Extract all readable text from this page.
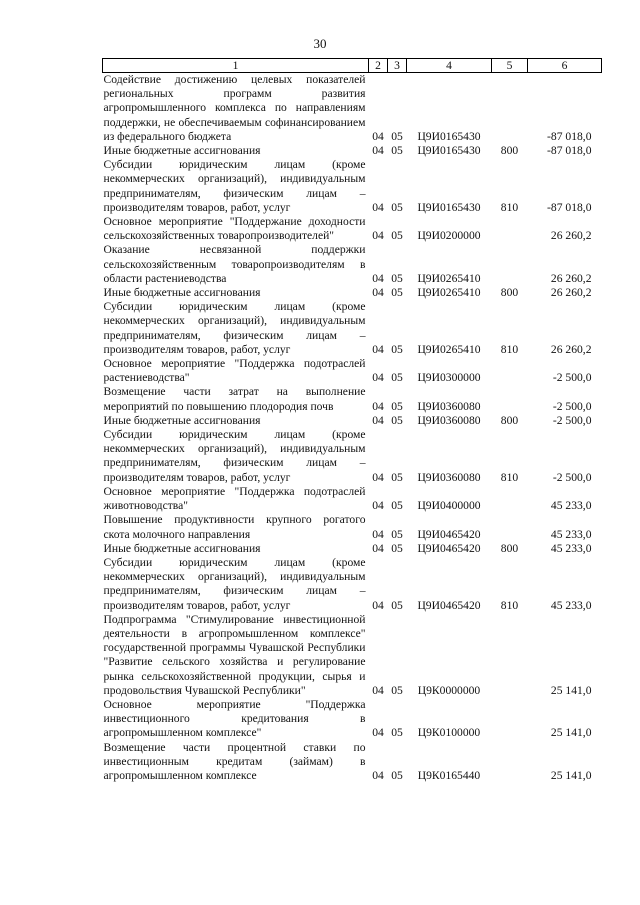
30
1	2	3	4	5	6
Содействие достижению целевых показателей региональных программ развития агропромышленного комплекса по направлениям поддержки, не обеспечиваемым софинансированием из федерального бюджета	04	05	Ц9И0165430		-87 018,0
Иные бюджетные ассигнования	04	05	Ц9И0165430	800	-87 018,0
Субсидии юридическим лицам (кроме некоммерческих организаций), индивидуальным предпринимателям, физическим лицам – производителям товаров, работ, услуг	04	05	Ц9И0165430	810	-87 018,0
Основное мероприятие "Поддержание доходности сельскохозяйственных товаропроизводителей"	04	05	Ц9И0200000		26 260,2
Оказание несвязанной поддержки сельскохозяйственным товаропроизводителям в области растениеводства	04	05	Ц9И0265410		26 260,2
Иные бюджетные ассигнования	04	05	Ц9И0265410	800	26 260,2
Субсидии юридическим лицам (кроме некоммерческих организаций), индивидуальным предпринимателям, физическим лицам – производителям товаров, работ, услуг	04	05	Ц9И0265410	810	26 260,2
Основное мероприятие "Поддержка подотраслей растениеводства"	04	05	Ц9И0300000		-2 500,0
Возмещение части затрат на выполнение мероприятий по повышению плодородия почв	04	05	Ц9И0360080		-2 500,0
Иные бюджетные ассигнования	04	05	Ц9И0360080	800	-2 500,0
Субсидии юридическим лицам (кроме некоммерческих организаций), индивидуальным предпринимателям, физическим лицам – производителям товаров, работ, услуг	04	05	Ц9И0360080	810	-2 500,0
Основное мероприятие "Поддержка подотраслей животноводства"	04	05	Ц9И0400000		45 233,0
Повышение продуктивности крупного рогатого скота молочного направления	04	05	Ц9И0465420		45 233,0
Иные бюджетные ассигнования	04	05	Ц9И0465420	800	45 233,0
Субсидии юридическим лицам (кроме некоммерческих организаций), индивидуальным предпринимателям, физическим лицам – производителям товаров, работ, услуг	04	05	Ц9И0465420	810	45 233,0
Подпрограмма "Стимулирование инвестиционной деятельности в агропромышленном комплексе" государственной программы Чувашской Республики "Развитие сельского хозяйства и регулирование рынка сельскохозяйственной продукции, сырья и продовольствия Чувашской Республики"	04	05	Ц9К0000000		25 141,0
Основное мероприятие "Поддержка инвестиционного кредитования в агропромышленном комплексе"	04	05	Ц9К0100000		25 141,0
Возмещение части процентной ставки по инвестиционным кредитам (займам) в агропромышленном комплексе	04	05	Ц9К0165440		25 141,0
